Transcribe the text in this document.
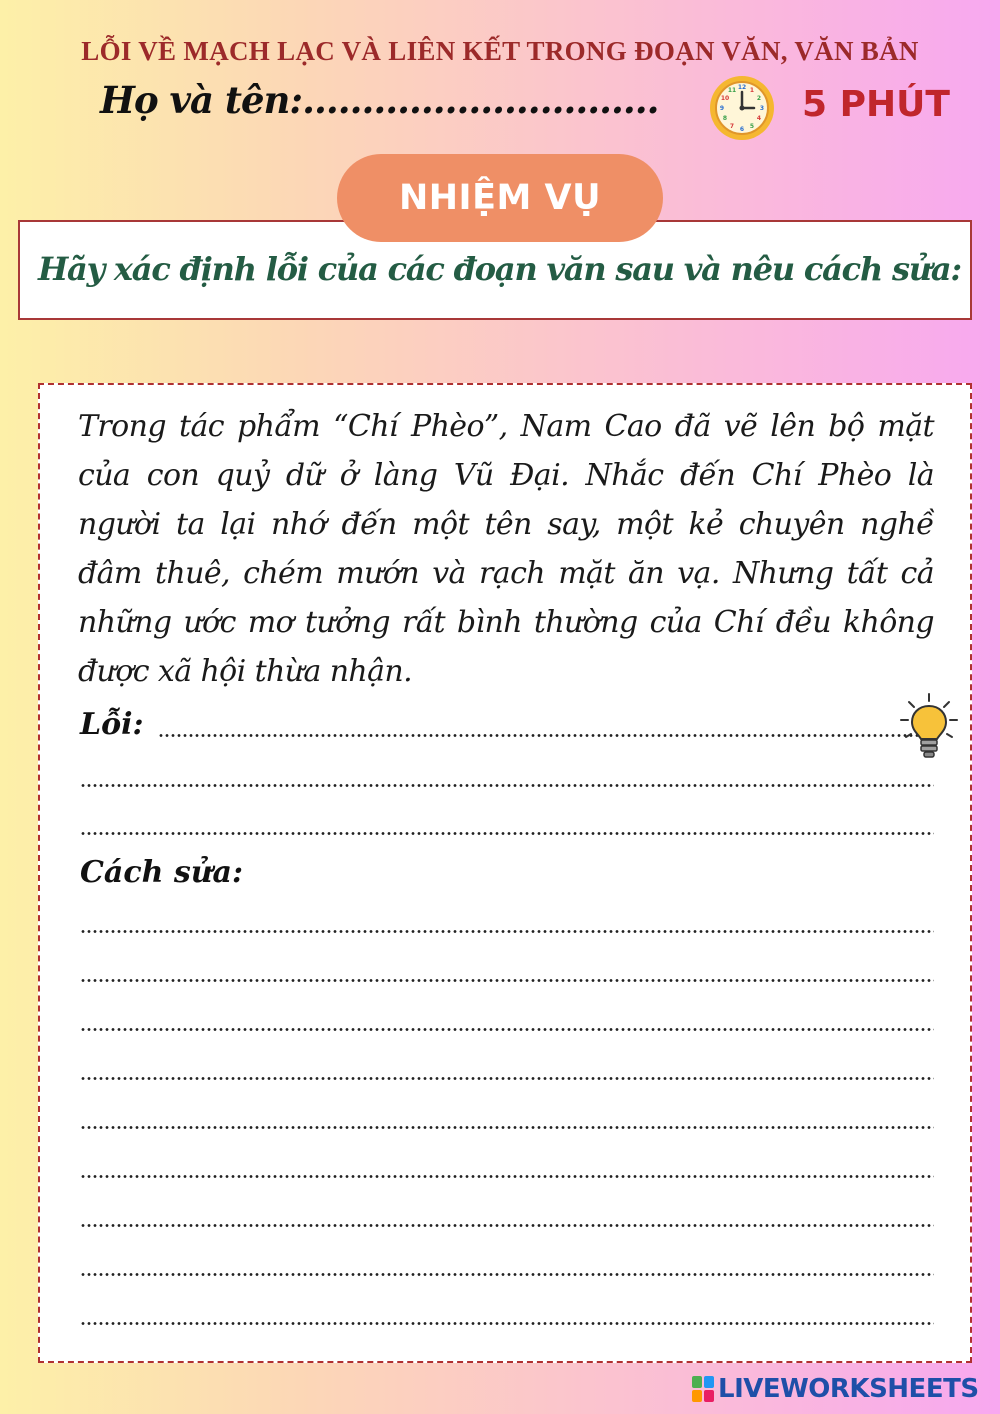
LỖI VỀ MẠCH LẠC VÀ LIÊN KẾT TRONG ĐOẠN VĂN, VĂN BẢN
Họ và tên:..............................	12 1
2
3
4
5
6
7
8
9
10
11 5 PHÚT
NHIỆM VỤ
Hãy xác định lỗi của các đoạn văn sau và nêu cách sửa:
Trong tác phẩm “Chí Phèo”, Nam Cao đã vẽ lên bộ mặt của con quỷ dữ ở làng Vũ Đại. Nhắc đến Chí Phèo là người ta lại nhớ đến một tên say, một kẻ chuyên nghề đâm thuê, chém mướn và rạch mặt ăn vạ. Nhưng tất cả những ước mơ tưởng rất bình thường của Chí đều không được xã hội thừa nhận.
Lỗi:
Cách sửa:
LIVEWORKSHEETS
